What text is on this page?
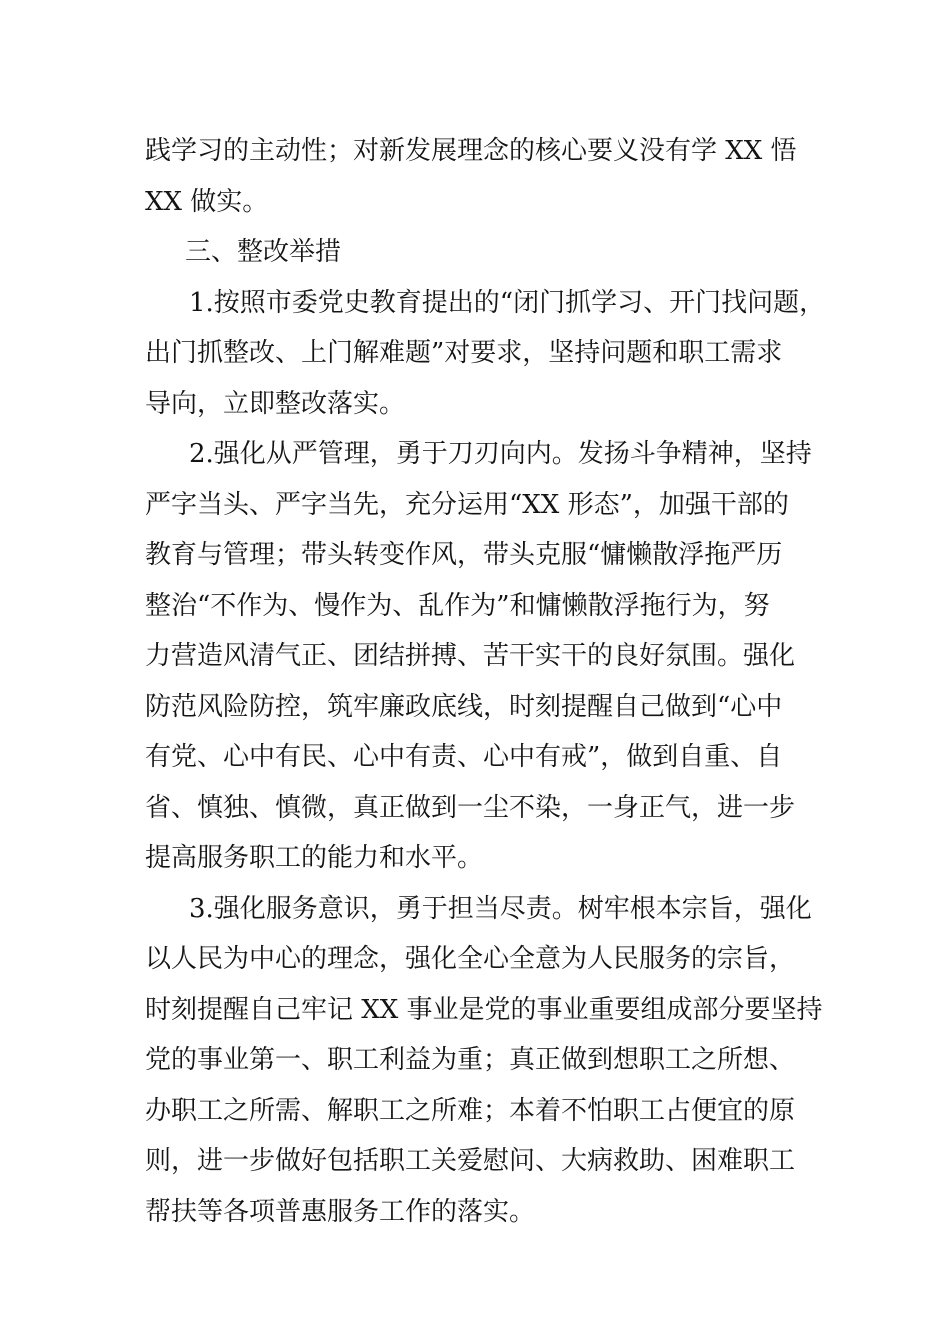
践学习的主动性；对新发展理念的核心要义没有学 XX 悟
XX 做实。
三、整改举措
1.按照市委党史教育提出的“闭门抓学习、开门找问题，
出门抓整改、上门解难题”对要求，坚持问题和职工需求
导向，立即整改落实。
2.强化从严管理，勇于刀刃向内。发扬斗争精神，坚持
严字当头、严字当先，充分运用“XX 形态”，加强干部的
教育与管理；带头转变作风，带头克服“慵懒散浮拖严历
整治“不作为、慢作为、乱作为”和慵懒散浮拖行为，努
力营造风清气正、团结拼搏、苦干实干的良好氛围。强化
防范风险防控，筑牢廉政底线，时刻提醒自己做到“心中
有党、心中有民、心中有责、心中有戒”，做到自重、自
省、慎独、慎微，真正做到一尘不染，一身正气，进一步
提高服务职工的能力和水平。
3.强化服务意识，勇于担当尽责。树牢根本宗旨，强化
以人民为中心的理念，强化全心全意为人民服务的宗旨，
时刻提醒自己牢记 XX 事业是党的事业重要组成部分要坚持
党的事业第一、职工利益为重；真正做到想职工之所想、
办职工之所需、解职工之所难；本着不怕职工占便宜的原
则，进一步做好包括职工关爱慰问、大病救助、困难职工
帮扶等各项普惠服务工作的落实。
